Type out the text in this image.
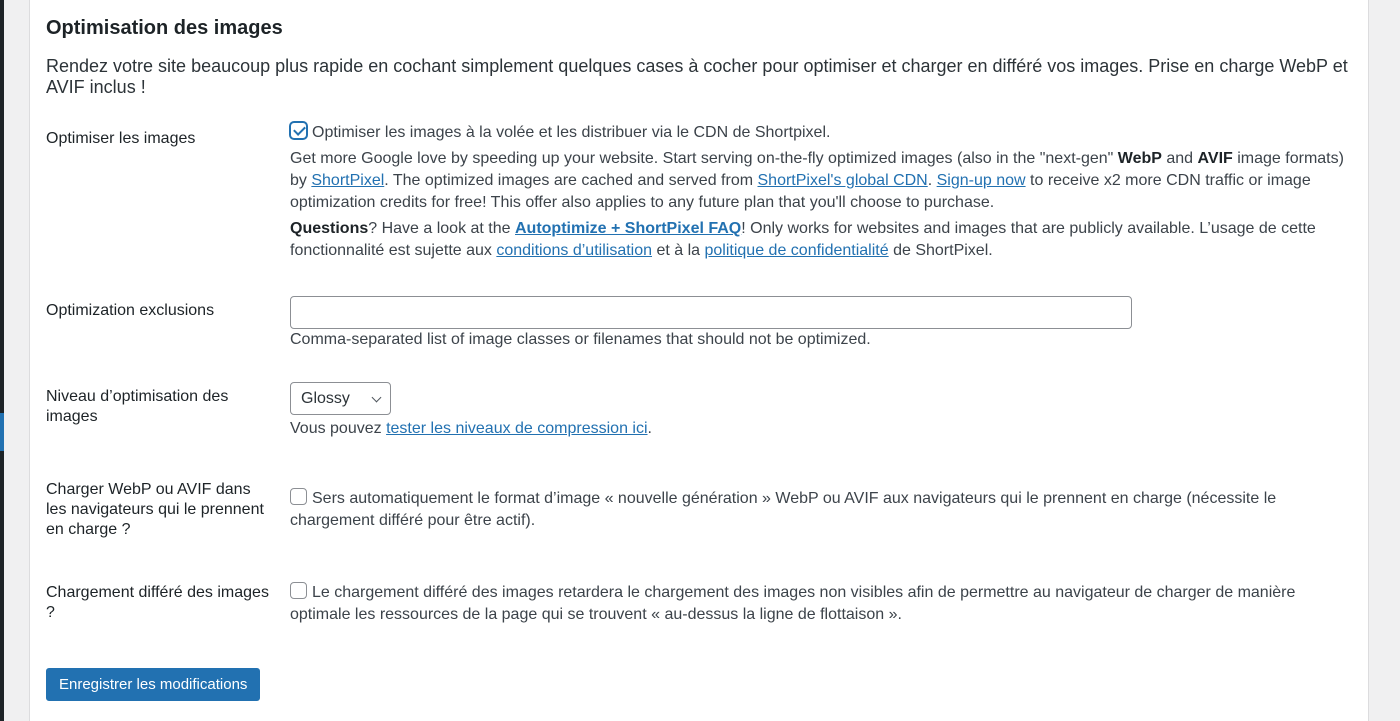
Optimisation des images

Rendez votre site beaucoup plus rapide en cochant simplement quelques cases à cocher pour optimiser et charger en différé vos images. Prise en charge WebP et AVIF inclus !

Optimiser les images	Optimiser les images à la volée et les distribuer via le CDN de Shortpixel.
Get more Google love by speeding up your website. Start serving on-the-fly optimized images (also in the "next-gen" WebP and AVIF image formats) by ShortPixel. The optimized images are cached and served from ShortPixel's global CDN. Sign-up now to receive x2 more CDN traffic or image optimization credits for free! This offer also applies to any future plan that you'll choose to purchase.
Questions? Have a look at the Autoptimize + ShortPixel FAQ! Only works for websites and images that are publicly available. L’usage de cette fonctionnalité est sujette aux conditions d’utilisation et à la politique de confidentialité de ShortPixel.
Optimization exclusions
Comma-separated list of image classes or filenames that should not be optimized.
Niveau d’optimisation des images
Glossy
Vous pouvez tester les niveaux de compression ici.
Charger WebP ou AVIF dans les navigateurs qui le prennent en charge ?
Sers automatiquement le format d’image « nouvelle génération » WebP ou AVIF aux navigateurs qui le prennent en charge (nécessite le chargement différé pour être actif).
Chargement différé des images ?
Le chargement différé des images retardera le chargement des images non visibles afin de permettre au navigateur de charger de manière optimale les ressources de la page qui se trouvent « au-dessus la ligne de flottaison ».
Enregistrer les modifications
